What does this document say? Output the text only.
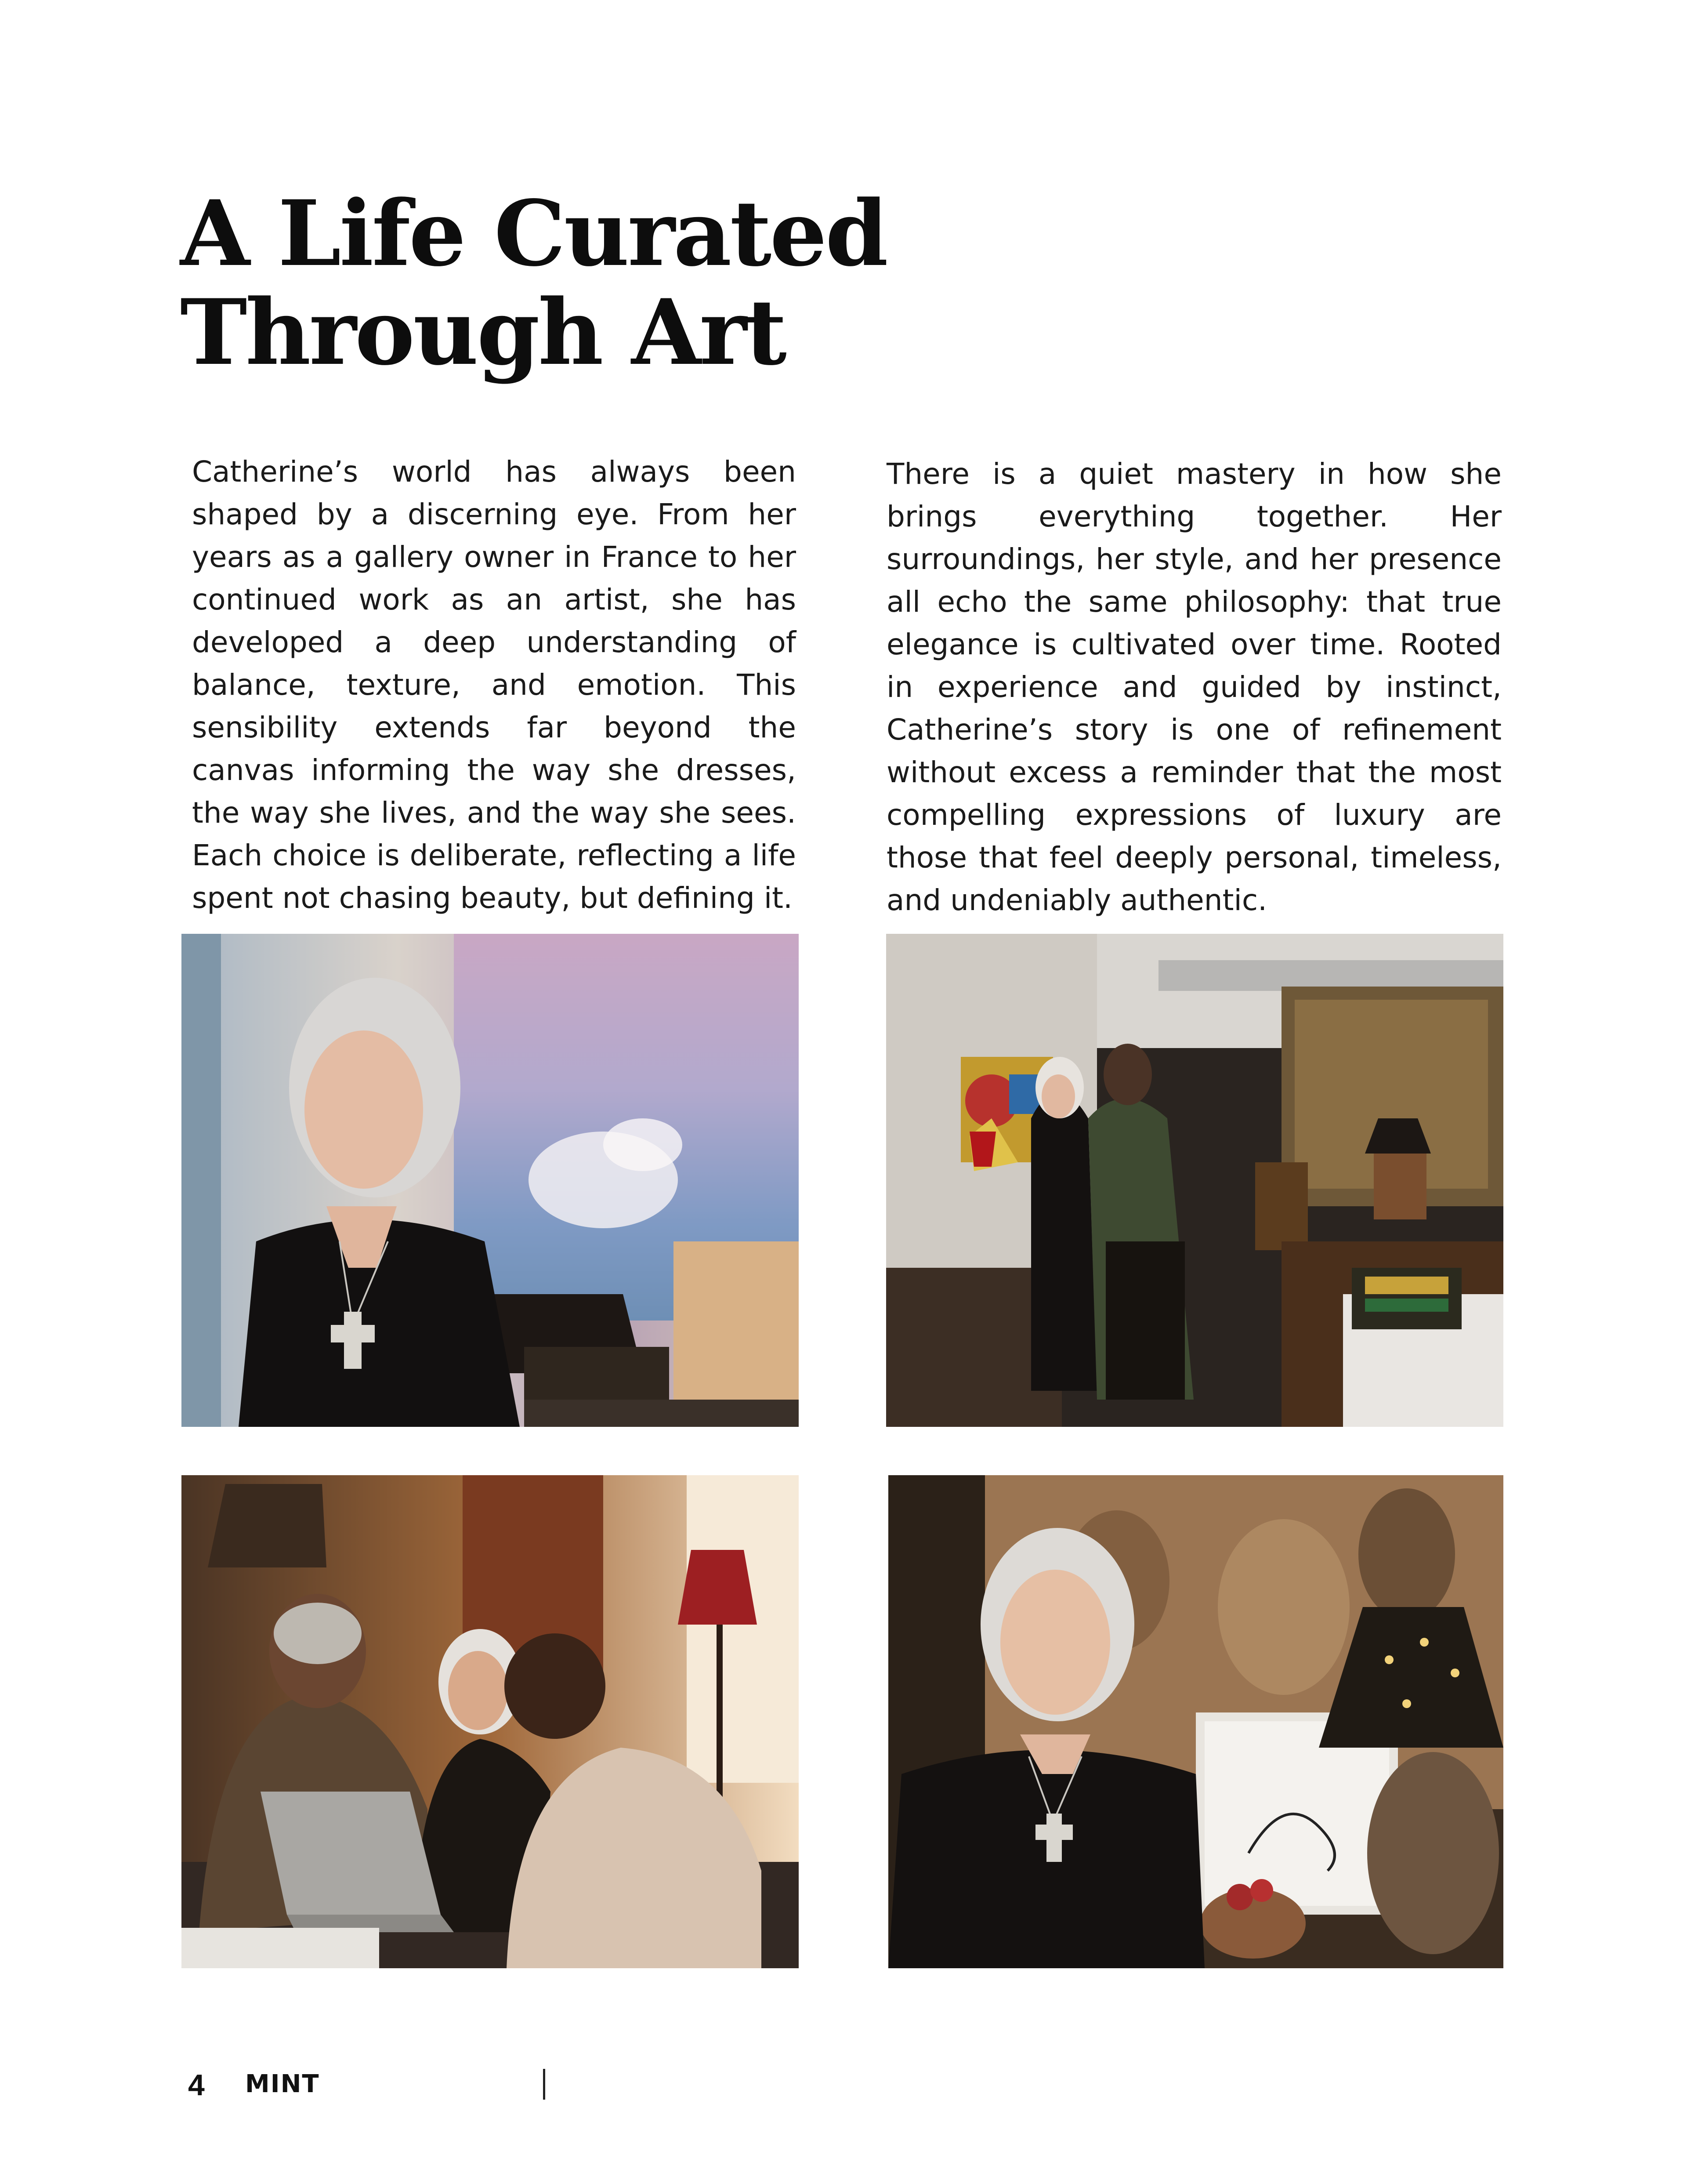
A Life Curated
Through Art

Catherine’s world has always been shaped by a discerning eye. From her years as a gallery owner in France to her continued work as an artist, she has developed a deep understanding of balance, texture, and emotion. This sensibility extends far beyond the canvas informing the way she dresses, the way she lives, and the way she sees. Each choice is deliberate, reflecting a life spent not chasing beauty, but defining it.

There is a quiet mastery in how she brings everything together. Her surroundings, her style, and her presence all echo the same philosophy: that true elegance is cultivated over time. Rooted in experience and guided by instinct, Catherine’s story is one of refinement without excess a reminder that the most compelling expressions of luxury are those that feel deeply personal, timeless, and undeniably authentic.

4 MINT
